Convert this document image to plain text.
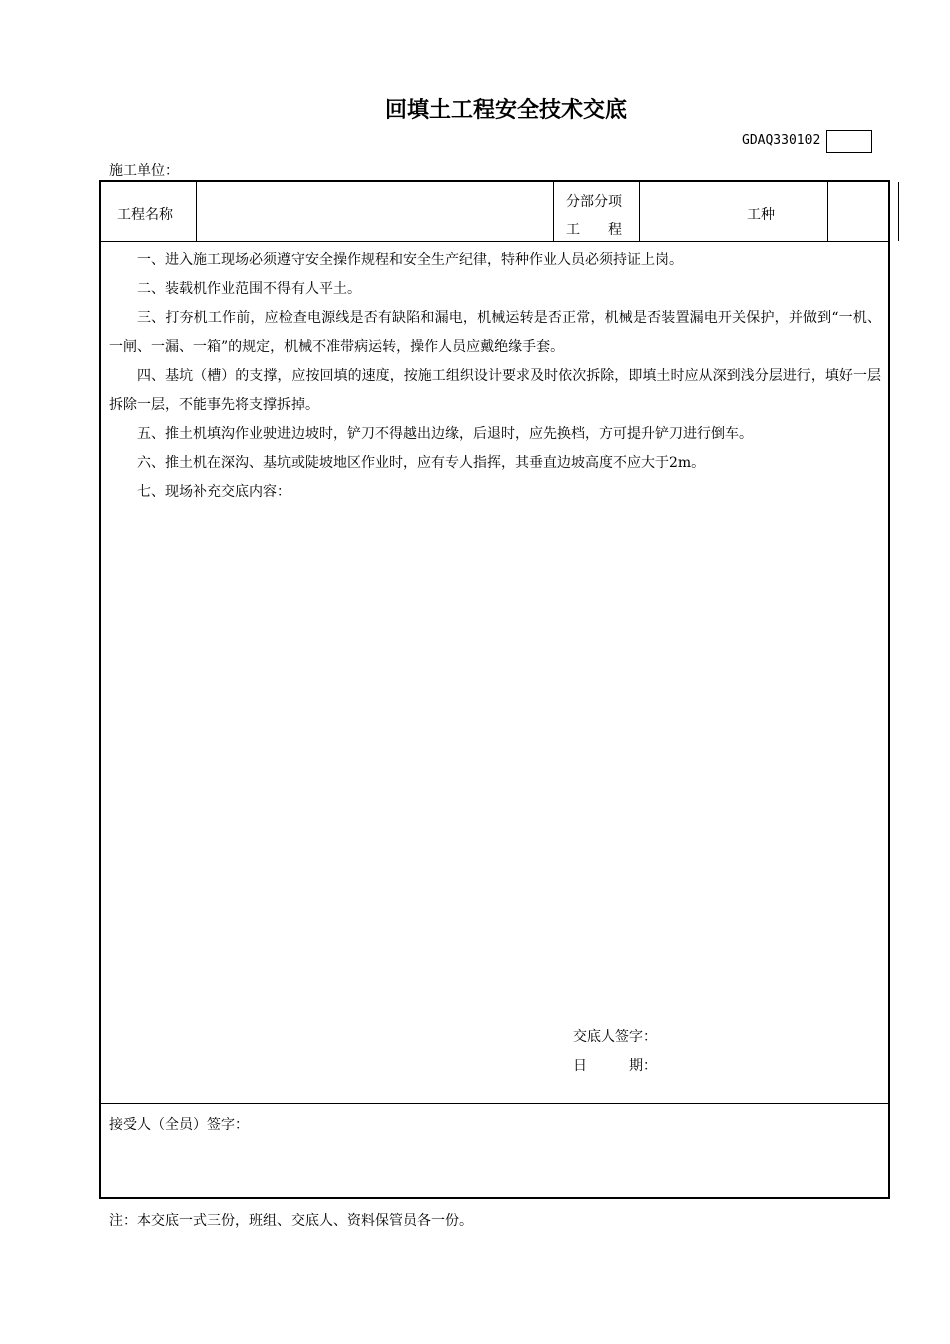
回填土工程安全技术交底
GDAQ330102
施工单位：
工程名称
分部分项
工　　程
工种

一、进入施工现场必须遵守安全操作规程和安全生产纪律，特种作业人员必须持证上岗。

二、装载机作业范围不得有人平土。

三、打夯机工作前，应检查电源线是否有缺陷和漏电，机械运转是否正常，机械是否装置漏电开关保护，并做到“一机、一闸、一漏、一箱”的规定，机械不准带病运转，操作人员应戴绝缘手套。

四、基坑（槽）的支撑，应按回填的速度，按施工组织设计要求及时依次拆除，即填土时应从深到浅分层进行，填好一层拆除一层，不能事先将支撑拆掉。

五、推土机填沟作业驶进边坡时，铲刀不得越出边缘，后退时，应先换档，方可提升铲刀进行倒车。

六、推土机在深沟、基坑或陡坡地区作业时，应有专人指挥，其垂直边坡高度不应大于2m。

七、现场补充交底内容：

交底人签字：
日　　　期：
接受人（全员）签字：
注：本交底一式三份，班组、交底人、资料保管员各一份。
